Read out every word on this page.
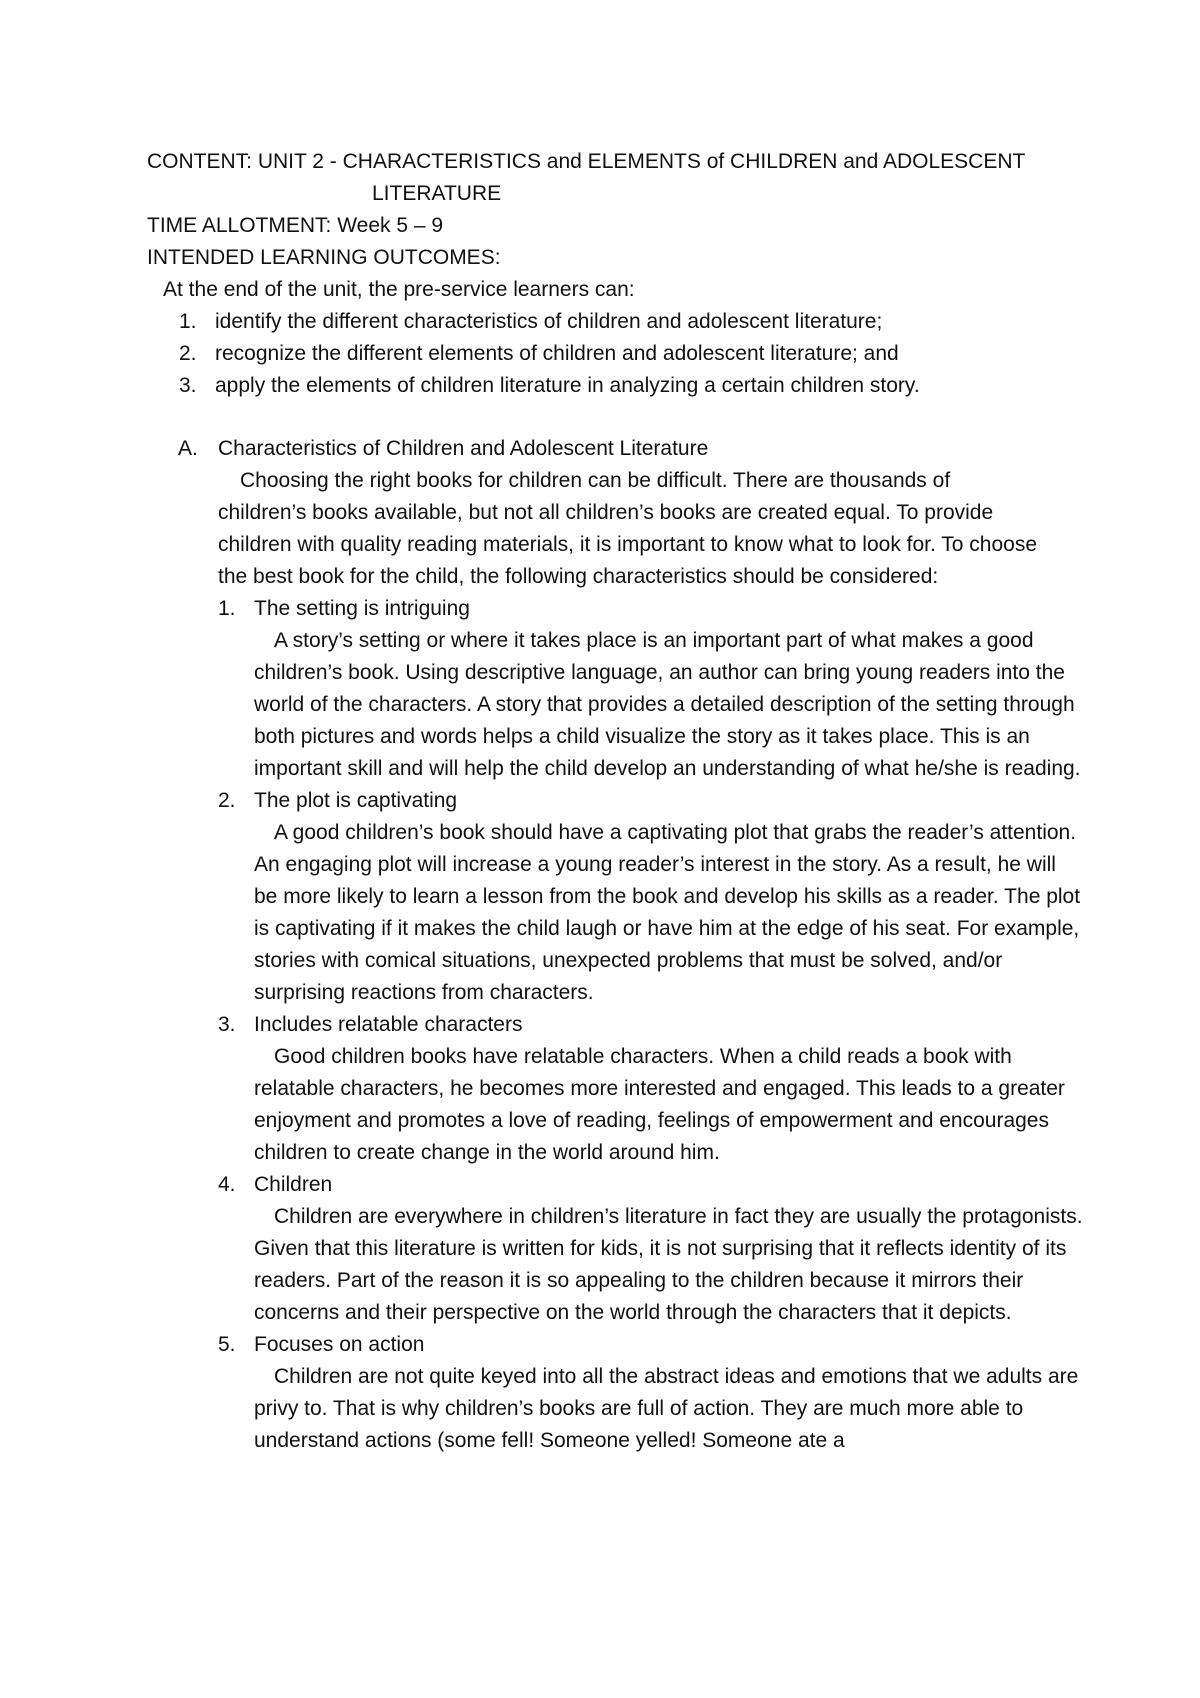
CONTENT: UNIT 2 - CHARACTERISTICS and ELEMENTS of CHILDREN and ADOLESCENT

LITERATURE

TIME ALLOTMENT: Week 5 – 9

INTENDED LEARNING OUTCOMES:

At the end of the unit, the pre-service learners can:

1. identify the different characteristics of children and adolescent literature;
2. recognize the different elements of children and adolescent literature; and
3. apply the elements of children literature in analyzing a certain children story.
A. Characteristics of Children and Adolescent Literature

Choosing the right books for children can be difficult. There are thousands of children’s books available, but not all children’s books are created equal. To provide children with quality reading materials, it is important to know what to look for. To choose the best book for the child, the following characteristics should be considered:

1. The setting is intriguing
A story’s setting or where it takes place is an important part of what makes a good children’s book. Using descriptive language, an author can bring young readers into the world of the characters. A story that provides a detailed description of the setting through both pictures and words helps a child visualize the story as it takes place. This is an important skill and will help the child develop an understanding of what he/she is reading.
2. The plot is captivating
A good children’s book should have a captivating plot that grabs the reader’s attention. An engaging plot will increase a young reader’s interest in the story. As a result, he will be more likely to learn a lesson from the book and develop his skills as a reader. The plot is captivating if it makes the child laugh or have him at the edge of his seat. For example, stories with comical situations, unexpected problems that must be solved, and/or surprising reactions from characters.
3. Includes relatable characters
Good children books have relatable characters. When a child reads a book with relatable characters, he becomes more interested and engaged. This leads to a greater enjoyment and promotes a love of reading, feelings of empowerment and encourages children to create change in the world around him.
4. Children
Children are everywhere in children’s literature in fact they are usually the protagonists. Given that this literature is written for kids, it is not surprising that it reflects identity of its readers. Part of the reason it is so appealing to the children because it mirrors their concerns and their perspective on the world through the characters that it depicts.
5. Focuses on action
Children are not quite keyed into all the abstract ideas and emotions that we adults are privy to. That is why children’s books are full of action. They are much more able to understand actions (some fell! Someone yelled! Someone ate a
